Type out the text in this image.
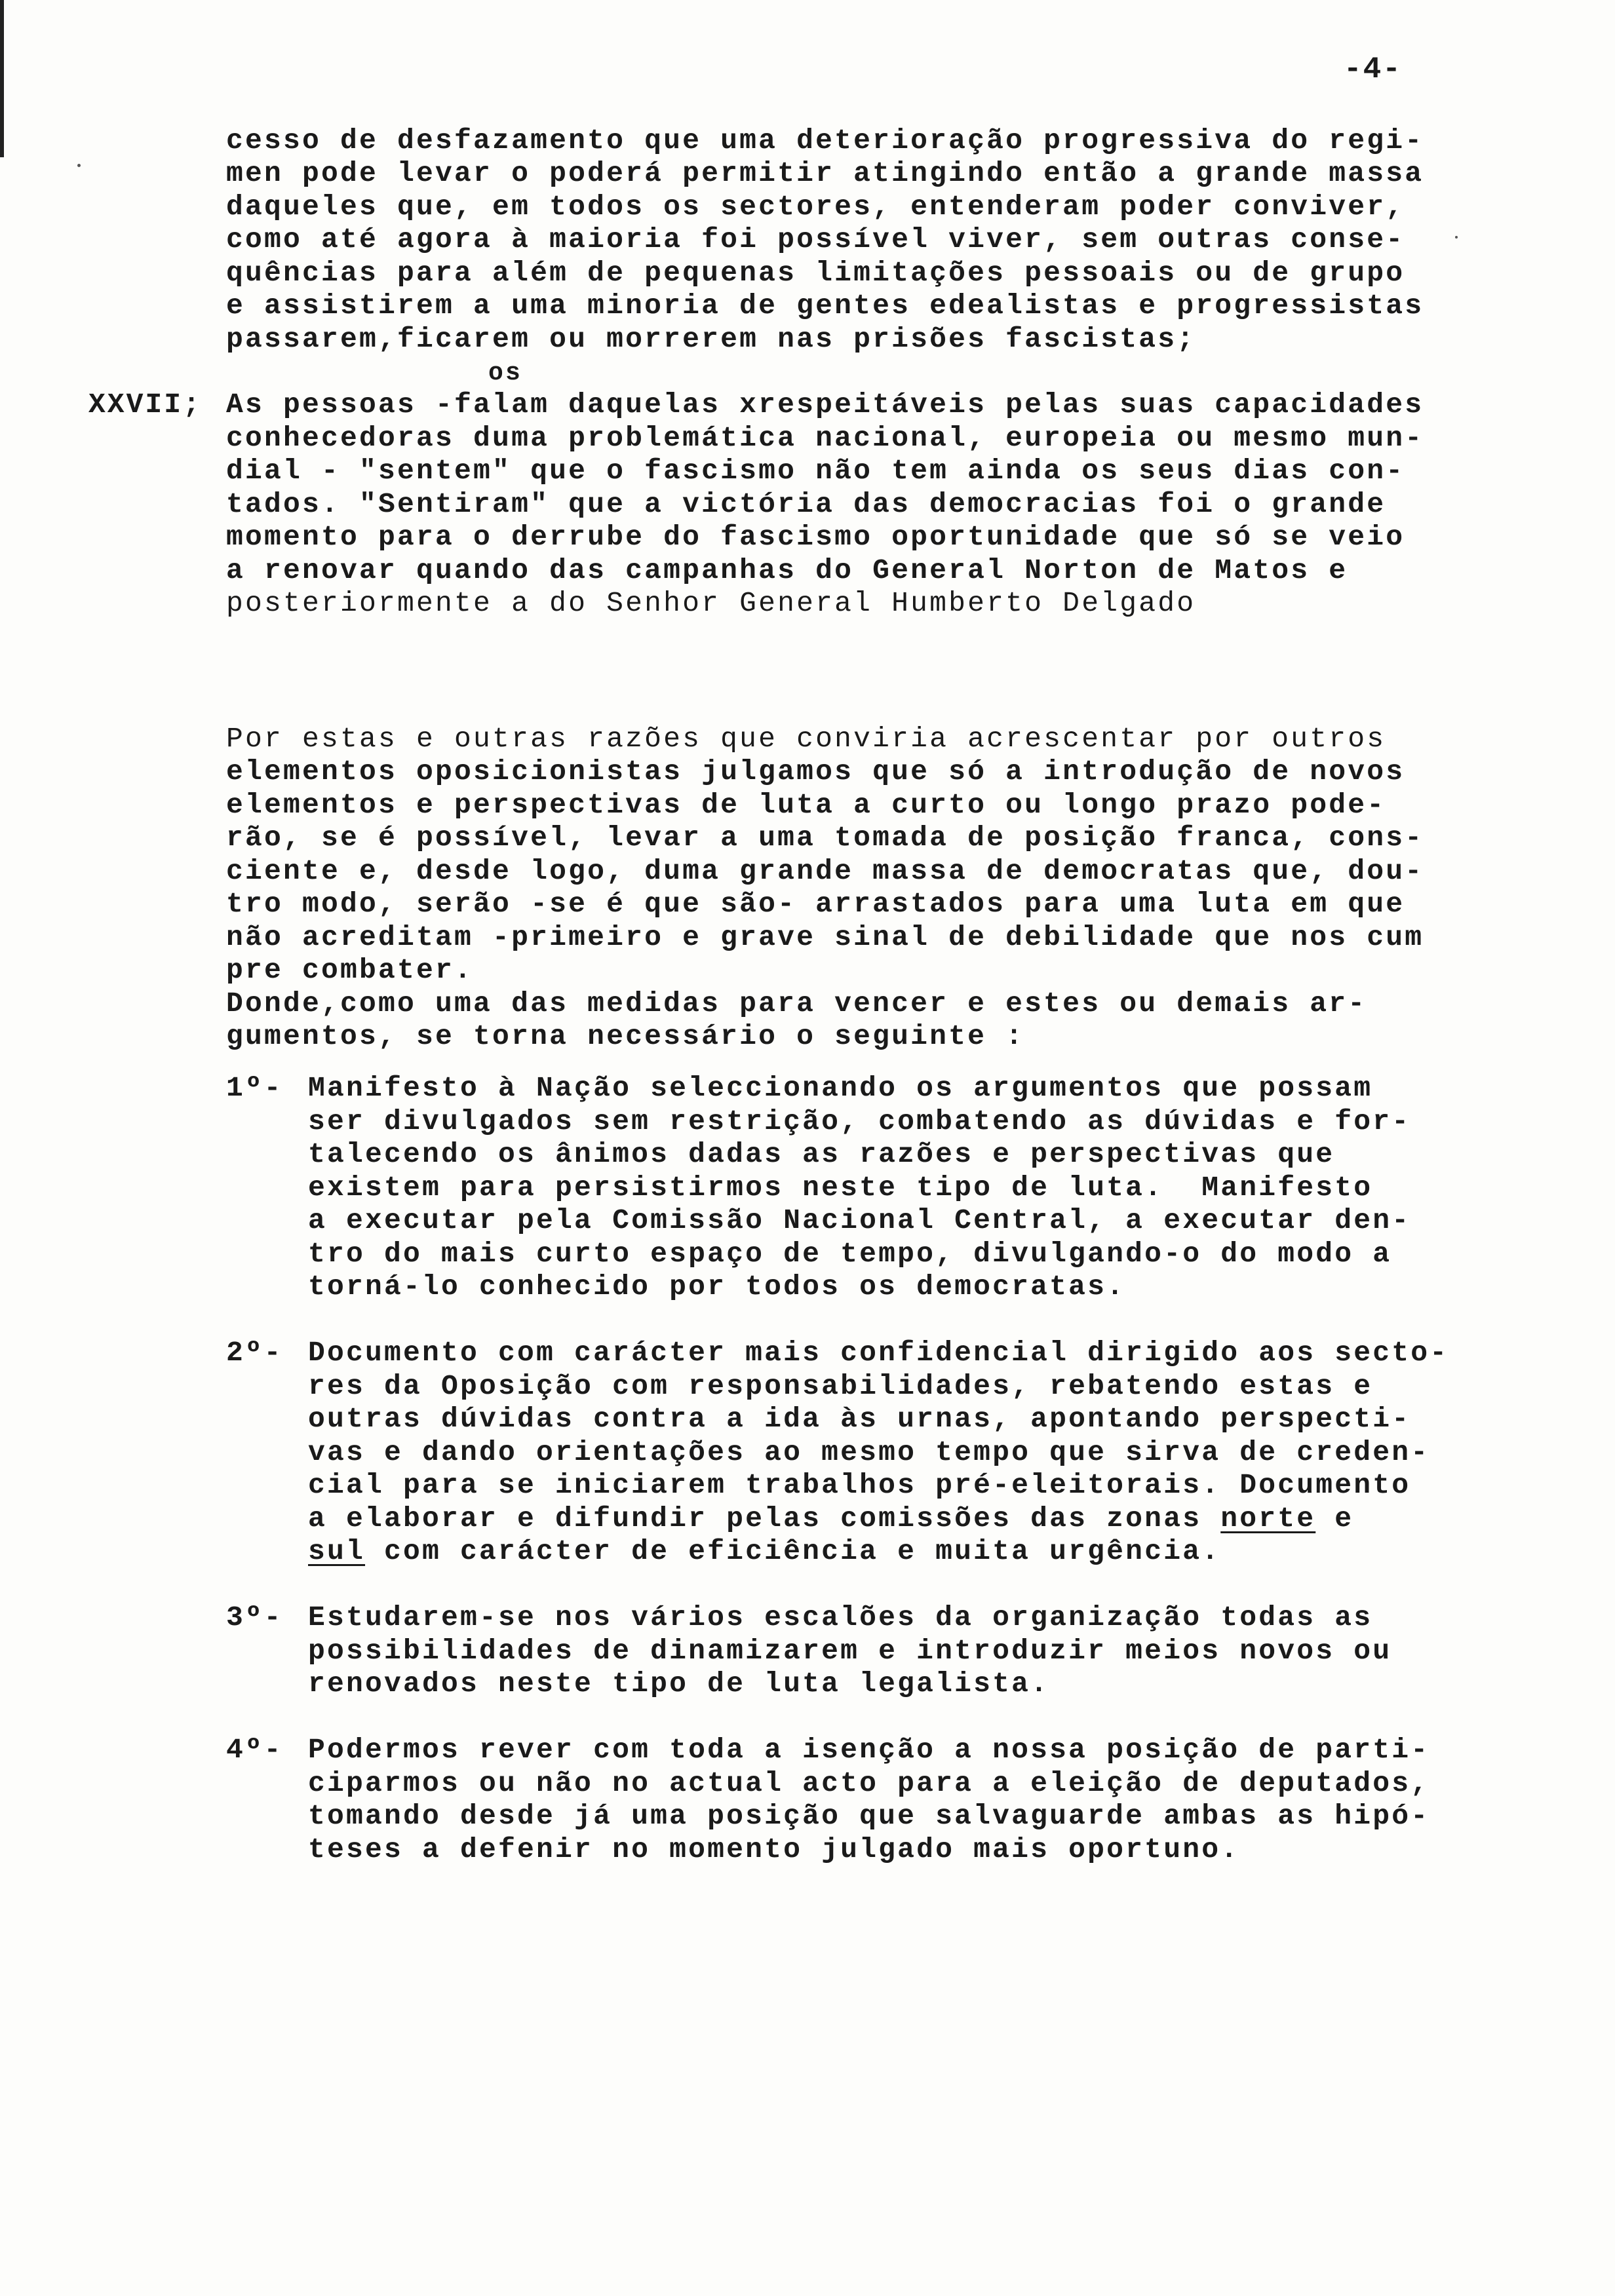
-4-
cesso de desfazamento que uma deterioração progressiva do regi-
men pode levar o poderá permitir atingindo então a grande massa
daqueles que, em todos os sectores, entenderam poder conviver,
como até agora à maioria foi possível viver, sem outras conse-
quências para além de pequenas limitações pessoais ou de grupo
e assistirem a uma minoria de gentes edealistas e progressistas
passarem,ficarem ou morrerem nas prisões fascistas;
os
XXVII; As pessoas -falam daquelas xrespeitáveis pelas suas capacidades
conhecedoras duma problemática nacional, europeia ou mesmo mun-
dial - "sentem" que o fascismo não tem ainda os seus dias con-
tados. "Sentiram" que a victória das democracias foi o grande
momento para o derrube do fascismo oportunidade que só se veio
a renovar quando das campanhas do General Norton de Matos e
posteriormente a do Senhor General Humberto Delgado
Por estas e outras razões que conviria acrescentar por outros
elementos oposicionistas julgamos que só a introdução de novos
elementos e perspectivas de luta a curto ou longo prazo pode-
rão, se é possível, levar a uma tomada de posição franca, cons-
ciente e, desde logo, duma grande massa de democratas que, dou-
tro modo, serão -se é que são- arrastados para uma luta em que
não acreditam -primeiro e grave sinal de debilidade que nos cum
pre combater.
Donde,como uma das medidas para vencer e estes ou demais ar-
gumentos, se torna necessário o seguinte :
1º- Manifesto à Nação seleccionando os argumentos que possam
ser divulgados sem restrição, combatendo as dúvidas e for-
talecendo os ânimos dadas as razões e perspectivas que
existem para persistirmos neste tipo de luta.  Manifesto
a executar pela Comissão Nacional Central, a executar den-
tro do mais curto espaço de tempo, divulgando-o do modo a
torná-lo conhecido por todos os democratas.
2º- Documento com carácter mais confidencial dirigido aos secto-
res da Oposição com responsabilidades, rebatendo estas e
outras dúvidas contra a ida às urnas, apontando perspecti-
vas e dando orientações ao mesmo tempo que sirva de creden-
cial para se iniciarem trabalhos pré-eleitorais. Documento
a elaborar e difundir pelas comissões das zonas norte e
sul com carácter de eficiência e muita urgência.
3º- Estudarem-se nos vários escalões da organização todas as
possibilidades de dinamizarem e introduzir meios novos ou
renovados neste tipo de luta legalista.
4º- Podermos rever com toda a isenção a nossa posição de parti-
ciparmos ou não no actual acto para a eleição de deputados,
tomando desde já uma posição que salvaguarde ambas as hipó-
teses a defenir no momento julgado mais oportuno.
